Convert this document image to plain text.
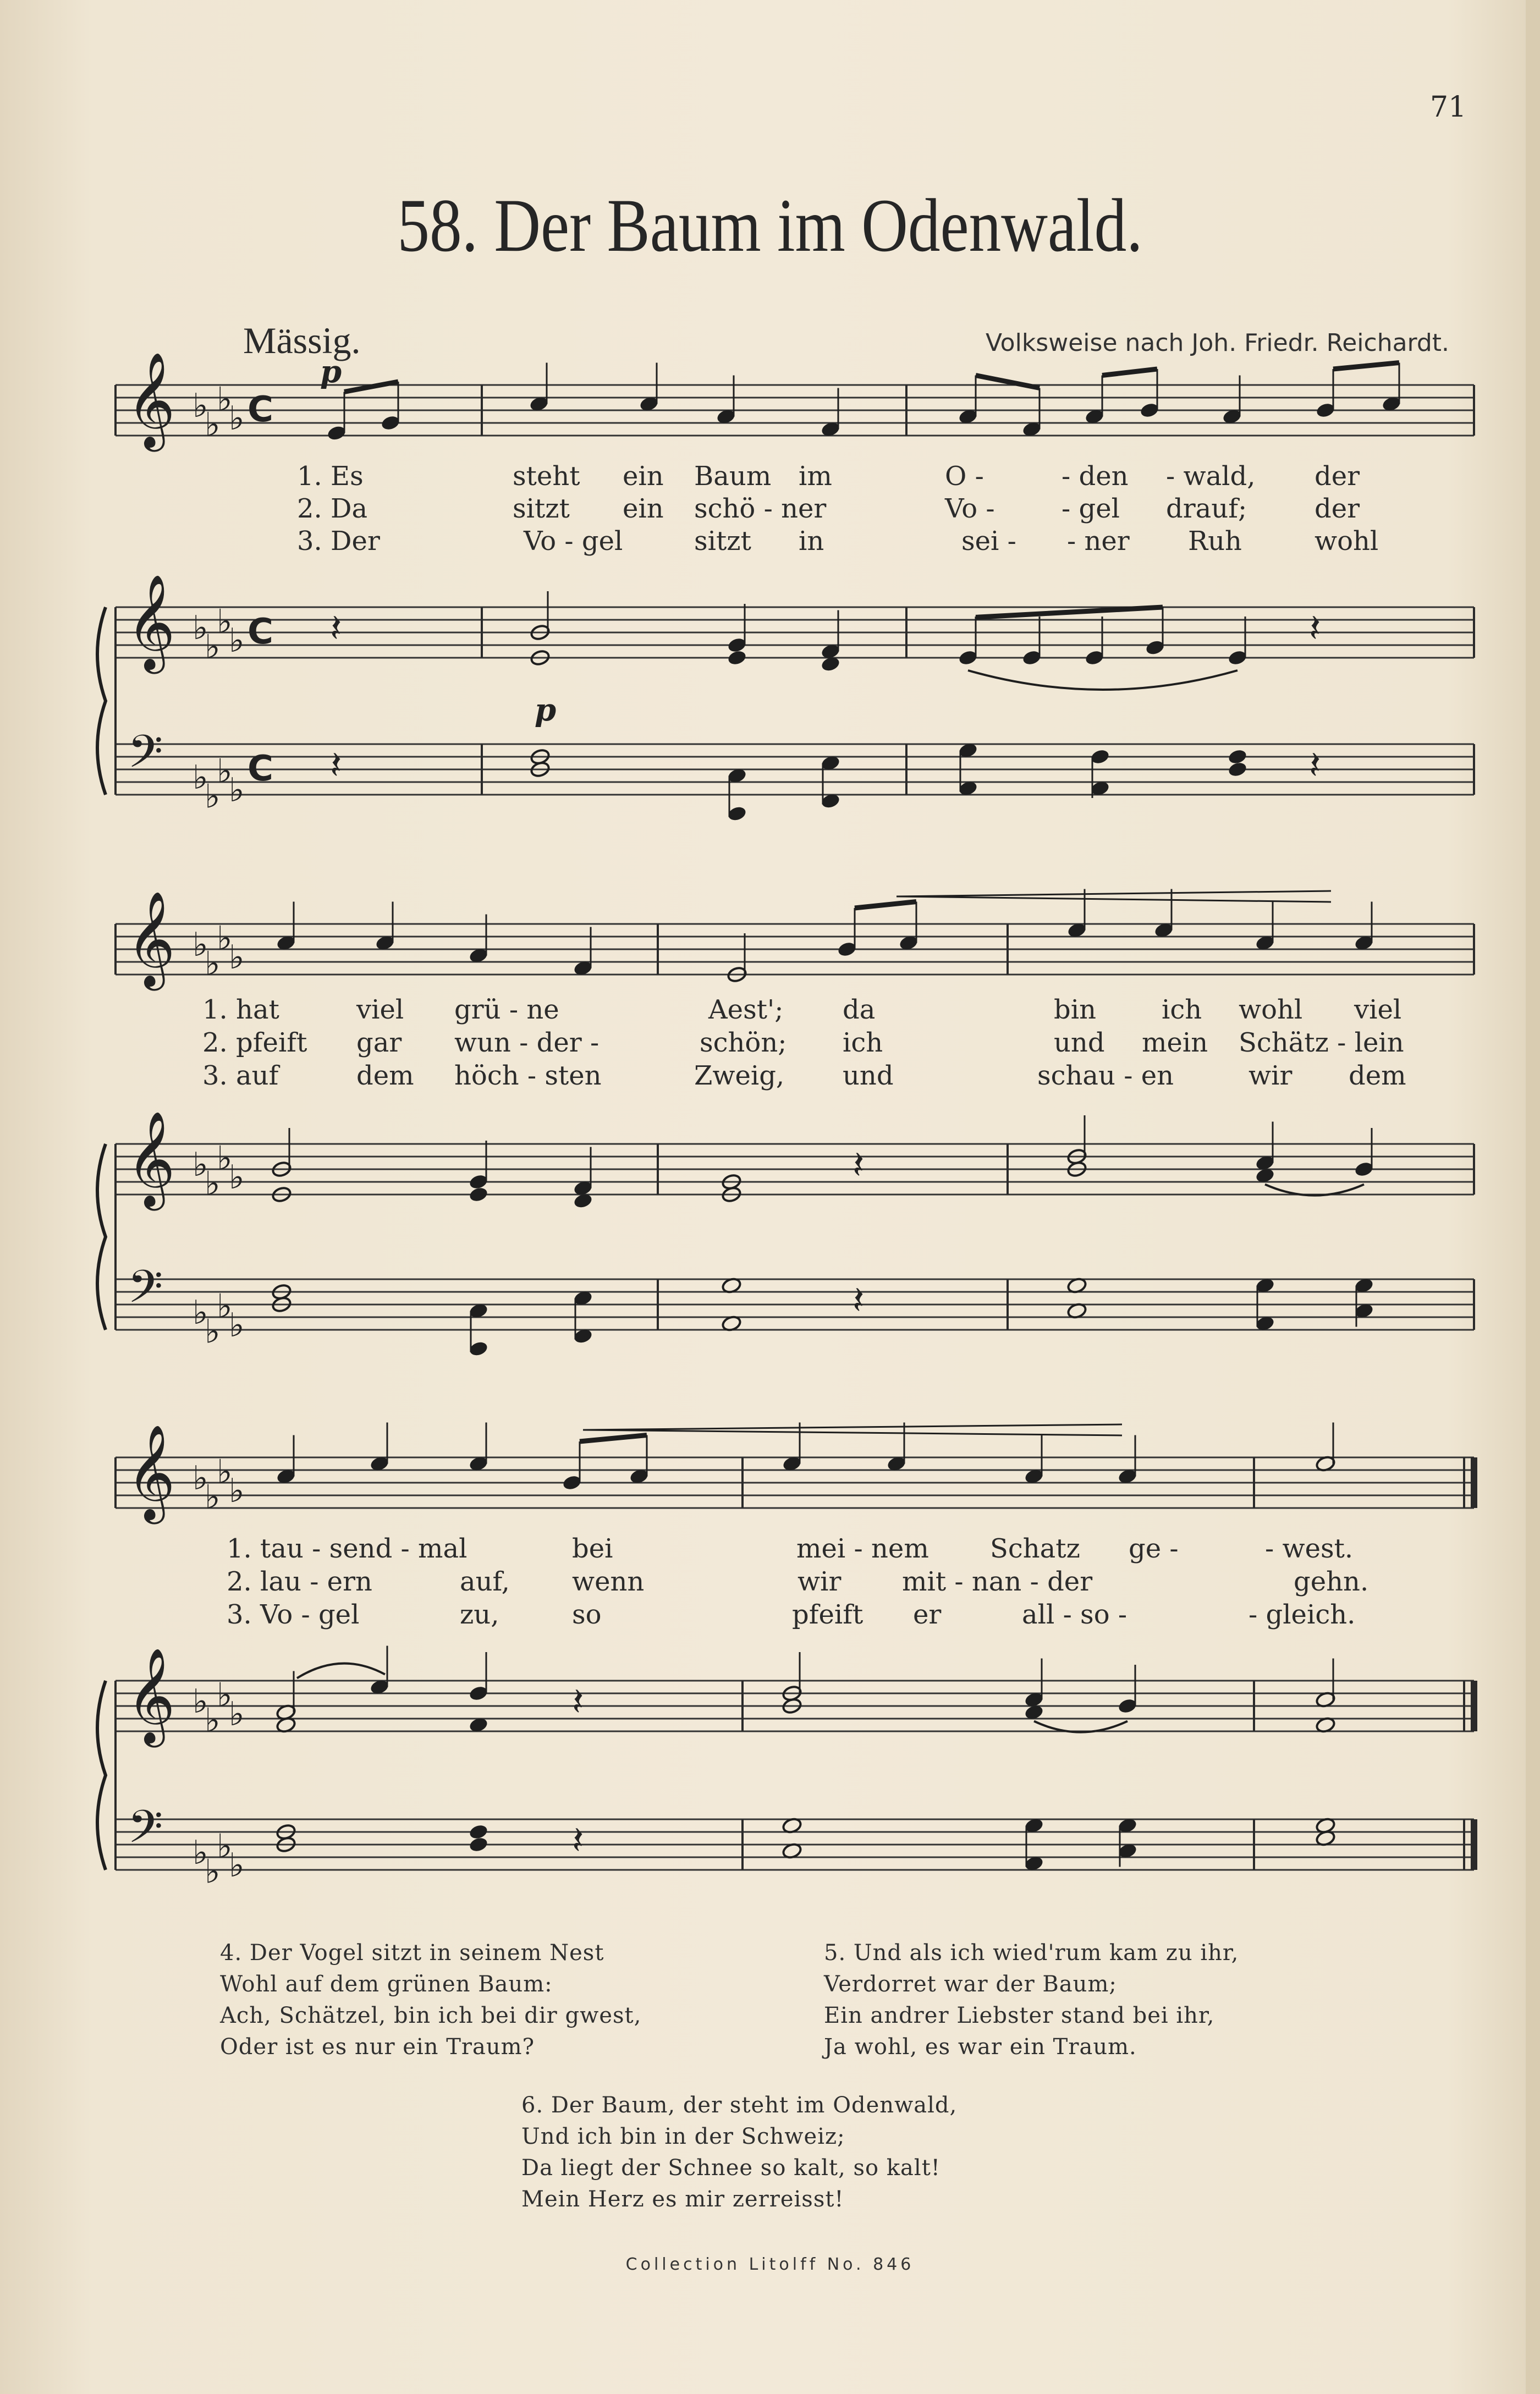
71
58. Der Baum im Odenwald.
Mässig.	Volksweise nach Joh. Friedr. Reichardt.
𝄞
𝄞
𝄢
♭
♭
♭
♭
♭
♭
♭
♭
♭
♭
♭
♭
C
C
C
𝄞
𝄞
𝄢
♭
♭
♭
♭
♭
♭
♭
♭
♭
♭
♭
♭
𝄞
𝄞
𝄢
♭
♭
♭
♭
♭
♭
♭
♭
♭
♭
♭
♭
𝄽
𝄽
𝄽
𝄽
𝄽
𝄽
𝄽
𝄽
p
p
1. Es	steht ein Baum im	O -	- den - wald, der
2. Da	sitzt ein schö - ner	Vo -	- gel drauf;	der
3. Der	Vo - gel	sitzt in	sei - - ner Ruh	wohl
1. hat	viel grü - ne	Aest'; da	bin ich wohl viel
2. pfeift gar wun - der -	schön; ich	und mein Schätz - lein
3. auf	dem höch - sten	Zweig, und	schau - en	wir dem
1. tau - send - mal	bei	mei - nem Schatz ge -	- west.
2. lau - ern	auf, wenn	wir mit - nan - der	gehn.
3. Vo - gel	zu,	so	pfeift er	all - so -	- gleich.
4. Der Vogel sitzt in seinem Nest
Wohl auf dem grünen Baum:
Ach, Schätzel, bin ich bei dir gwest,
Oder ist es nur ein Traum?
5. Und als ich wied'rum kam zu ihr,
Verdorret war der Baum;
Ein andrer Liebster stand bei ihr,
Ja wohl, es war ein Traum.
6. Der Baum, der steht im Odenwald,
Und ich bin in der Schweiz;
Da liegt der Schnee so kalt, so kalt!
Mein Herz es mir zerreisst!
Collection Litolff No. 846
